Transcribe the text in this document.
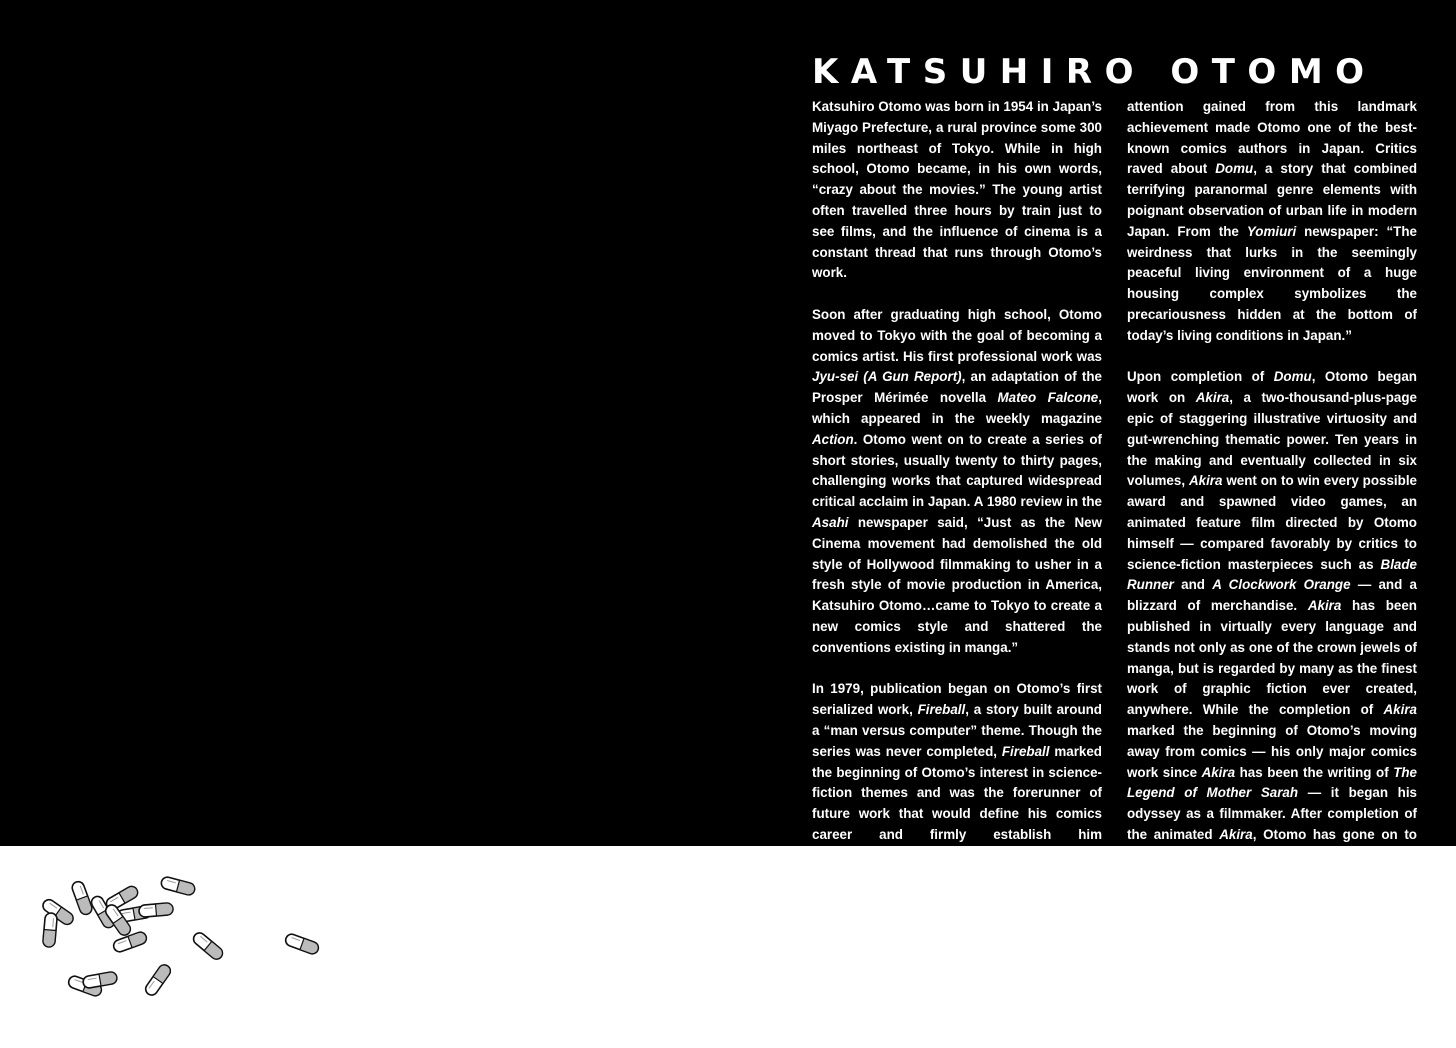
KATSUHIRO OTOMO

Katsuhiro Otomo was born in 1954 in Japan’s Miyago Prefecture, a rural province some 300 miles northeast of Tokyo. While in high school, Otomo became, in his own words, “crazy about the movies.” The young artist often travelled three hours by train just to see films, and the influence of cinema is a constant thread that runs through Otomo’s work.

Soon after graduating high school, Otomo moved to Tokyo with the goal of becoming a comics artist. His first professional work was Jyu-sei (A Gun Report), an adaptation of the Prosper Mérimée novella Mateo Falcone, which appeared in the weekly magazine Action. Otomo went on to create a series of short stories, usually twenty to thirty pages, challenging works that captured widespread critical acclaim in Japan. A 1980 review in the Asahi newspaper said, “Just as the New Cinema movement had demolished the old style of Hollywood filmmaking to usher in a fresh style of movie production in America, Katsuhiro Otomo…came to Tokyo to create a new comics style and shattered the conventions existing in manga.”

In 1979, publication began on Otomo’s first serialized work, Fireball, a story built around a “man versus computer” theme. Though the series was never completed, Fireball marked the beginning of Otomo’s interest in science-fiction themes and was the forerunner of future work that would define his comics career and firmly establish him internationally as one of the acknowledged masters of the comics medium. Domu, first serialized in 1980 and collected in 1983, became a bestseller and was the first manga to win the coveted Science Fiction Grand Prix Award, Japan’s equivalent to America’s Nebula Award. The media

attention gained from this landmark achievement made Otomo one of the best-known comics authors in Japan. Critics raved about Domu, a story that combined terrifying paranormal genre elements with poignant observation of urban life in modern Japan. From the Yomiuri newspaper: “The weirdness that lurks in the seemingly peaceful living environment of a huge housing complex symbolizes the precariousness hidden at the bottom of today’s living conditions in Japan.”

Upon completion of Domu, Otomo began work on Akira, a two-thousand-plus-page epic of staggering illustrative virtuosity and gut-wrenching thematic power. Ten years in the making and eventually collected in six volumes, Akira went on to win every possible award and spawned video games, an animated feature film directed by Otomo himself — compared favorably by critics to science-fiction masterpieces such as Blade Runner and A Clockwork Orange — and a blizzard of merchandise. Akira has been published in virtually every language and stands not only as one of the crown jewels of manga, but is regarded by many as the finest work of graphic fiction ever created, anywhere. While the completion of Akira marked the beginning of Otomo’s moving away from comics — his only major comics work since Akira has been the writing of The Legend of Mother Sarah — it began his odyssey as a filmmaker. After completion of the animated Akira, Otomo has gone on to work on a variety of animated films, including Labyrinth Stories, Robot Carnival, Roujin Z, Spriggan, and Memories, an anthology of adaptations of earlier Otomo comics stories. Otomo also directed the live-action World Apartment Horror as well as television commercials for Honda, Suntory, and Canon. Otomo lives and works in Tokyo.
